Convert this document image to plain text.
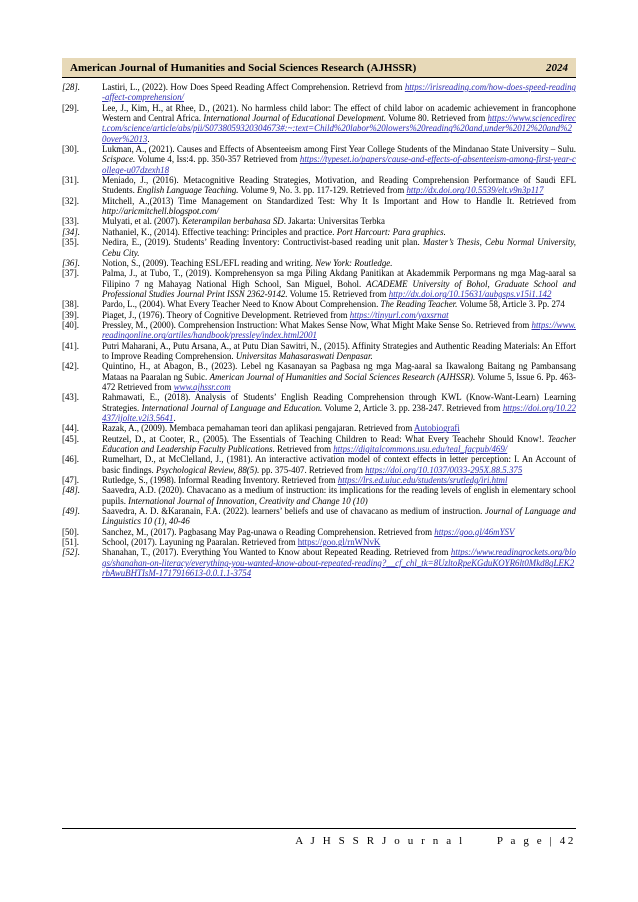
American Journal of Humanities and Social Sciences Research (AJHSSR)	2024
[28].	Lastiri, L., (2022). How Does Speed Reading Affect Comprehension. Retrievd from https://irisreading.com/how-does-speed-reading-affect-comprehension/
[29].	Lee, J., Kim, H., at Rhee, D., (2021). No harmless child labor: The effect of child labor on academic achievement in francophone Western and Central Africa. International Journal of Educational Development. Volume 80. Retrieved from https://www.sciencedirect.com/science/article/abs/pii/S0738059320304673#:~:text=Child%20labor%20lowers%20reading%20and,under%2012%20and%20over%2013.
[30].	Lukman, A., (2021). Causes and Effects of Absenteeism among First Year College Students of the Mindanao State University – Sulu. Scispace. Volume 4, Iss:4. pp. 350-357 Retrieved from https://typeset.io/papers/cause-and-effects-of-absenteeism-among-first-year-college-u07dzexh18
[31].	Meniado, J., (2016). Metacognitive Reading Strategies, Motivation, and Reading Comprehension Performance of Saudi EFL Students. English Language Teaching. Volume 9, No. 3. pp. 117-129. Retrieved from http://dx.doi.org/10.5539/elt.v9n3p117
[32].	Mitchell, A.,(2013) Time Management on Standardized Test: Why It Is Important and How to Handle It. Retrieved from http://aricmitchell.blogspot.com/
[33].	Mulyati, et al. (2007). Keterampilan berbahasa SD. Jakarta: Universitas Terbka
[34].	Nathaniel, K., (2014). Effective teaching: Principles and practice. Port Harcourt: Para graphics.
[35].	Nedira, E., (2019). Students’ Reading Inventory: Contructivist-based reading unit plan. Master’s Thesis, Cebu Normal University, Cebu City.
[36].	Notion, S., (2009). Teaching ESL/EFL reading and writing. New York: Routledge.
[37].	Palma, J., at Tubo, T., (2019). Komprehensyon sa mga Piling Akdang Panitikan at Akademmik Perpormans ng mga Mag-aaral sa Filipino 7 ng Mahayag National High School, San Miguel, Bohol. ACADEME University of Bohol, Graduate School and Professional Studies Journal Print ISSN 2362-9142. Volume 15. Retrieved from http://dx.doi.org/10.15631/aubgsps.v15i1.142
[38].	Pardo, L., (2004). What Every Teacher Need to Know About Comprehension. The Reading Teacher. Volume 58, Article 3. Pp. 274
[39].	Piaget, J., (1976). Theory of Cognitive Development. Retrieved from https://tinyurl.com/yaxsrnat
[40].	Pressley, M., (2000). Comprehension Instruction: What Makes Sense Now, What Might Make Sense So. Retrieved from https://www.readingonline.org/artiles/handbook/pressley/index.html2001
[41].	Putri Maharani, A., Putu Arsana, A., at Putu Dian Sawitri, N., (2015). Affinity Strategies and Authentic Reading Materials: An Effort to Improve Reading Comprehension. Universitas Mahasaraswati Denpasar.
[42].	Quintino, H., at Abagon, B., (2023). Lebel ng Kasanayan sa Pagbasa ng mga Mag-aaral sa Ikawalong Baitang ng Pambansang Mataas na Paaralan ng Subic. American Journal of Humanities and Social Sciences Research (AJHSSR). Volume 5, Issue 6. Pp. 463-472 Retrieved from www.ajhssr.com
[43].	Rahmawati, E., (2018). Analysis of Students’ English Reading Comprehension through KWL (Know-Want-Learn) Learning Strategies. International Journal of Language and Education. Volume 2, Article 3. pp. 238-247. Retrieved from https://doi.org/10.22437/ijolte.v2i3.5641.
[44].	Razak, A., (2009). Membaca pemahaman teori dan aplikasi pengajaran. Retrieved from Autobiografi
[45].	Reutzel, D., at Cooter, R., (2005). The Essentials of Teaching Children to Read: What Every Teachehr Should Know!. Teacher Education and Leadership Faculty Publications. Retrieved from https://digitalcommons.usu.edu/teal_facpub/469/
[46].	Rumelhart, D., at McClelland, J., (1981). An interactive activation model of context effects in letter perception: I. An Account of basic findings. Psychological Review, 88(5). pp. 375-407. Retrieved from https://doi.org/10.1037/0033-295X.88.5.375
[47].	Rutledge, S., (1998). Informal Reading Inventory. Retrieved from https://lrs.ed.uiuc.edu/students/srutledg/iri.html
[48].	Saavedra, A.D. (2020). Chavacano as a medium of instruction: its implications for the reading levels of english in elementary school pupils. International Journal of Innovation, Creativity and Change 10 (10)
[49].	Saavedra, A. D. &Karanain, F.A. (2022). learners’ beliefs and use of chavacano as medium of instruction. Journal of Language and Linguistics 10 (1), 40-46
[50].	Sanchez, M., (2017). Pagbasang May Pag-unawa o Reading Comprehension. Retrieved from https://goo.gl/46mYSV
[51].	School, (2017). Layuning ng Paaralan. Retrieved from https://goo.gl/rnWNvK
[52].	Shanahan, T., (2017). Everything You Wanted to Know about Repeated Reading. Retrieved from https://www.readingrockets.org/blogs/shanahan-on-literacy/everything-you-wanted-know-about-repeated-reading?__cf_chl_tk=8UzltoRpeKGduKOYR6lt0Mkd8qLEK2rbAwuBHTIsM-1717916613-0.0.1.1-3754
A J H S S R J o u r n a l	P a g e | 42
